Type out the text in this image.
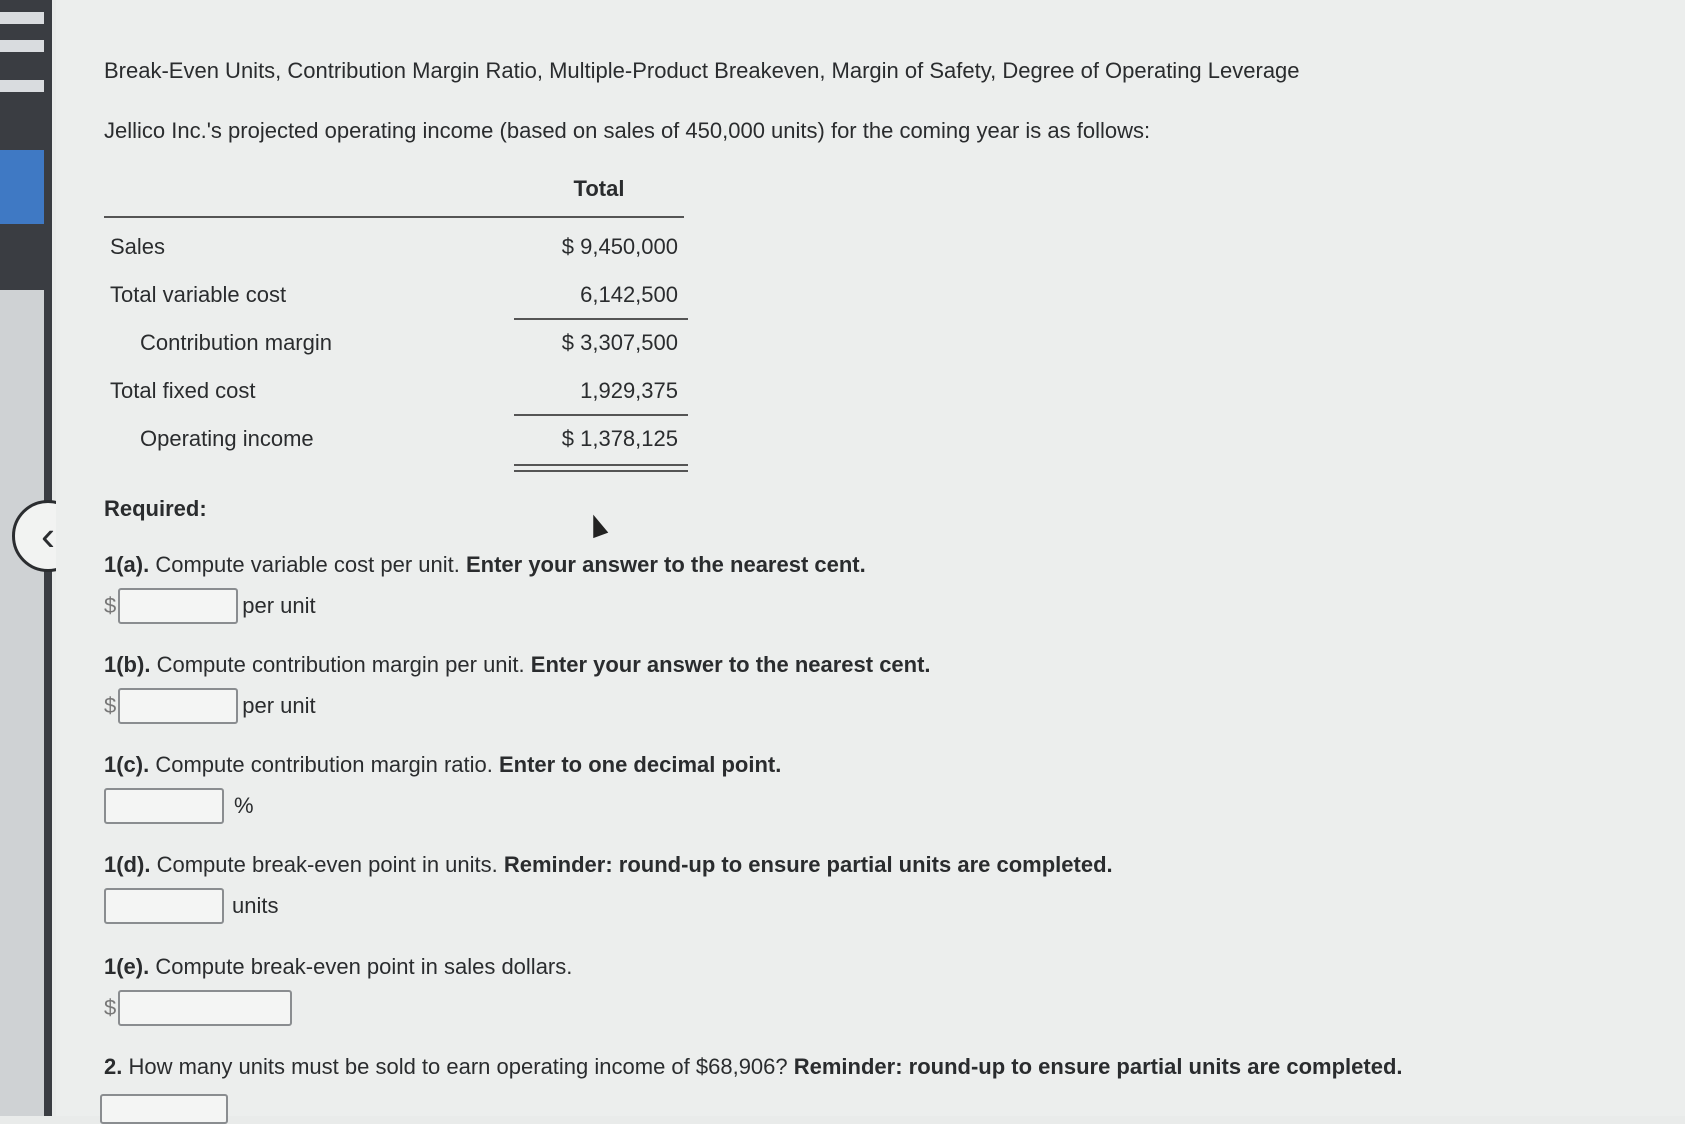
‹
Break-Even Units, Contribution Margin Ratio, Multiple-Product Breakeven, Margin of Safety, Degree of Operating Leverage
Jellico Inc.'s projected operating income (based on sales of 450,000 units) for the coming year is as follows:
Total
Sales	$ 9,450,000
Total variable cost	6,142,500
Contribution margin	$ 3,307,500
Total fixed cost	1,929,375
Operating income	$ 1,378,125
Required:
1(a). Compute variable cost per unit. Enter your answer to the nearest cent.
$	per unit
1(b). Compute contribution margin per unit. Enter your answer to the nearest cent.
$	per unit
1(c). Compute contribution margin ratio. Enter to one decimal point.
%
1(d). Compute break-even point in units. Reminder: round-up to ensure partial units are completed.
units
1(e). Compute break-even point in sales dollars.
$
2. How many units must be sold to earn operating income of $68,906? Reminder: round-up to ensure partial units are completed.
